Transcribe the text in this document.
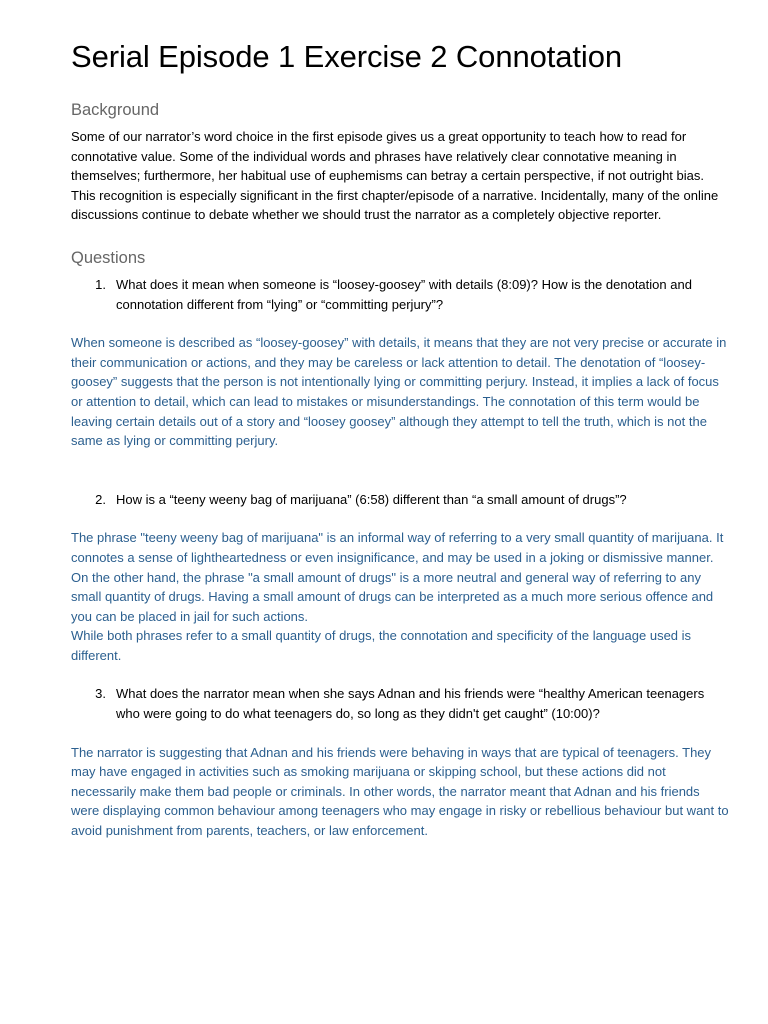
Serial Episode 1 Exercise 2 Connotation
Background

Some of our narrator’s word choice in the first episode gives us a great opportunity to teach how to read for connotative value. Some of the individual words and phrases have relatively clear connotative meaning in themselves; furthermore, her habitual use of euphemisms can betray a certain perspective, if not outright bias. This recognition is especially significant in the first chapter/episode of a narrative. Incidentally, many of the online discussions continue to debate whether we should trust the narrator as a completely objective reporter.

Questions
1. What does it mean when someone is “loosey-goosey” with details (8:09)? How is the denotation and connotation different from “lying” or “committing perjury”?

When someone is described as “loosey-goosey” with details, it means that they are not very precise or accurate in their communication or actions, and they may be careless or lack attention to detail. The denotation of “loosey-goosey” suggests that the person is not intentionally lying or committing perjury. Instead, it implies a lack of focus or attention to detail, which can lead to mistakes or misunderstandings. The connotation of this term would be leaving certain details out of a story and “loosey goosey” although they attempt to tell the truth, which is not the same as lying or committing perjury.

2. How is a “teeny weeny bag of marijuana” (6:58) different than “a small amount of drugs”?

The phrase "teeny weeny bag of marijuana" is an informal way of referring to a very small quantity of marijuana. It connotes a sense of lightheartedness or even insignificance, and may be used in a joking or dismissive manner.

On the other hand, the phrase "a small amount of drugs" is a more neutral and general way of referring to any small quantity of drugs. Having a small amount of drugs can be interpreted as a much more serious offence and you can be placed in jail for such actions.

While both phrases refer to a small quantity of drugs, the connotation and specificity of the language used is different.

3. What does the narrator mean when she says Adnan and his friends were “healthy American teenagers who were going to do what teenagers do, so long as they didn't get caught” (10:00)?

The narrator is suggesting that Adnan and his friends were behaving in ways that are typical of teenagers. They may have engaged in activities such as smoking marijuana or skipping school, but these actions did not necessarily make them bad people or criminals. In other words, the narrator meant that Adnan and his friends were displaying common behaviour among teenagers who may engage in risky or rebellious behaviour but want to avoid punishment from parents, teachers, or law enforcement.
